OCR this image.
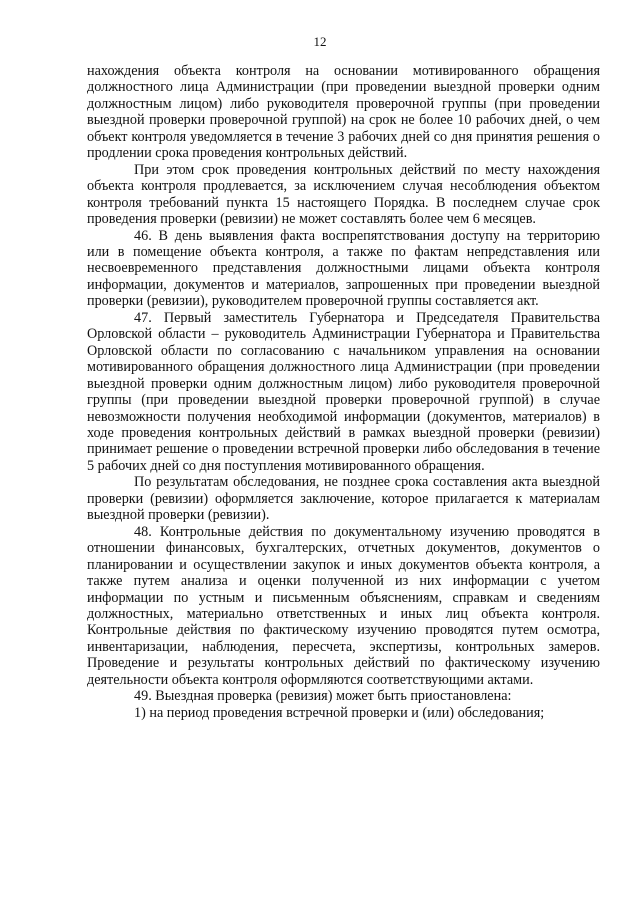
12

нахождения объекта контроля на основании мотивированного обращения должностного лица Администрации (при проведении выездной проверки одним должностным лицом) либо руководителя проверочной группы (при проведении выездной проверки проверочной группой) на срок не более 10 рабочих дней, о чем объект контроля уведомляется в течение 3 рабочих дней со дня принятия решения о продлении срока проведения контрольных действий.

При этом срок проведения контрольных действий по месту нахождения объекта контроля продлевается, за исключением случая несоблюдения объектом контроля требований пункта 15 настоящего Порядка. В последнем случае срок проведения проверки (ревизии) не может составлять более чем 6 месяцев.

46. В день выявления факта воспрепятствования доступу на территорию или в помещение объекта контроля, а также по фактам непредставления или несвоевременного представления должностными лицами объекта контроля информации, документов и материалов, запрошенных при проведении выездной проверки (ревизии), руководителем проверочной группы составляется акт.

47. Первый заместитель Губернатора и Председателя Правительства Орловской области – руководитель Администрации Губернатора и Правительства Орловской области по согласованию с начальником управления на основании мотивированного обращения должностного лица Администрации (при проведении выездной проверки одним должностным лицом) либо руководителя проверочной группы (при проведении выездной проверки проверочной группой) в случае невозможности получения необходимой информации (документов, материалов) в ходе проведения контрольных действий в рамках выездной проверки (ревизии) принимает решение о проведении встречной проверки либо обследования в течение 5 рабочих дней со дня поступления мотивированного обращения.

По результатам обследования, не позднее срока составления акта выездной проверки (ревизии) оформляется заключение, которое прилагается к материалам выездной проверки (ревизии).

48. Контрольные действия по документальному изучению проводятся в отношении финансовых, бухгалтерских, отчетных документов, документов о планировании и осуществлении закупок и иных документов объекта контроля, а также путем анализа и оценки полученной из них информации с учетом информации по устным и письменным объяснениям, справкам и сведениям должностных, материально ответственных и иных лиц объекта контроля. Контрольные действия по фактическому изучению проводятся путем осмотра, инвентаризации, наблюдения, пересчета, экспертизы, контрольных замеров. Проведение и результаты контрольных действий по фактическому изучению деятельности объекта контроля оформляются соответствующими актами.

49. Выездная проверка (ревизия) может быть приостановлена:

1) на период проведения встречной проверки и (или) обследования;
